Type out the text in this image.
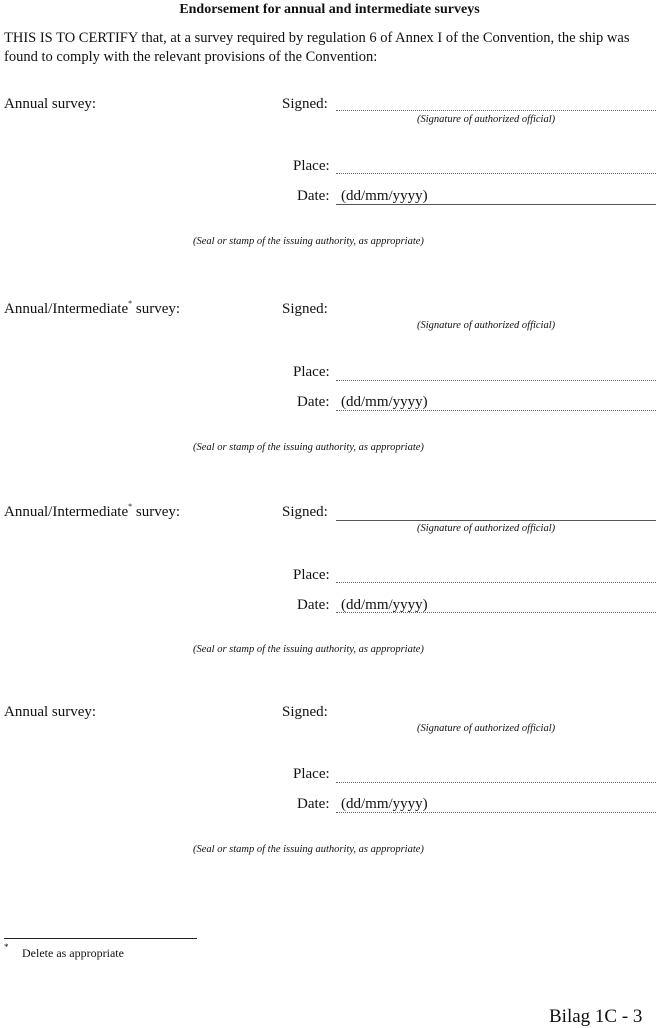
Endorsement for annual and intermediate surveys
THIS IS TO CERTIFY that, at a survey required by regulation 6 of Annex I of the Convention, the ship was found to comply with the relevant provisions of the Convention:
Annual survey:	Signed:
(Signature of authorized official)
Place:
Date: (dd/mm/yyyy)
(Seal or stamp of the issuing authority, as appropriate)
Annual/Intermediate* survey:	Signed:
(Signature of authorized official)
Place:
Date: (dd/mm/yyyy)
(Seal or stamp of the issuing authority, as appropriate)
Annual/Intermediate* survey:	Signed:
(Signature of authorized official)
Place:
Date: (dd/mm/yyyy)
(Seal or stamp of the issuing authority, as appropriate)
Annual survey:	Signed:
(Signature of authorized official)
Place:
Date: (dd/mm/yyyy)
(Seal or stamp of the issuing authority, as appropriate)
* Delete as appropriate
Bilag 1C - 3
